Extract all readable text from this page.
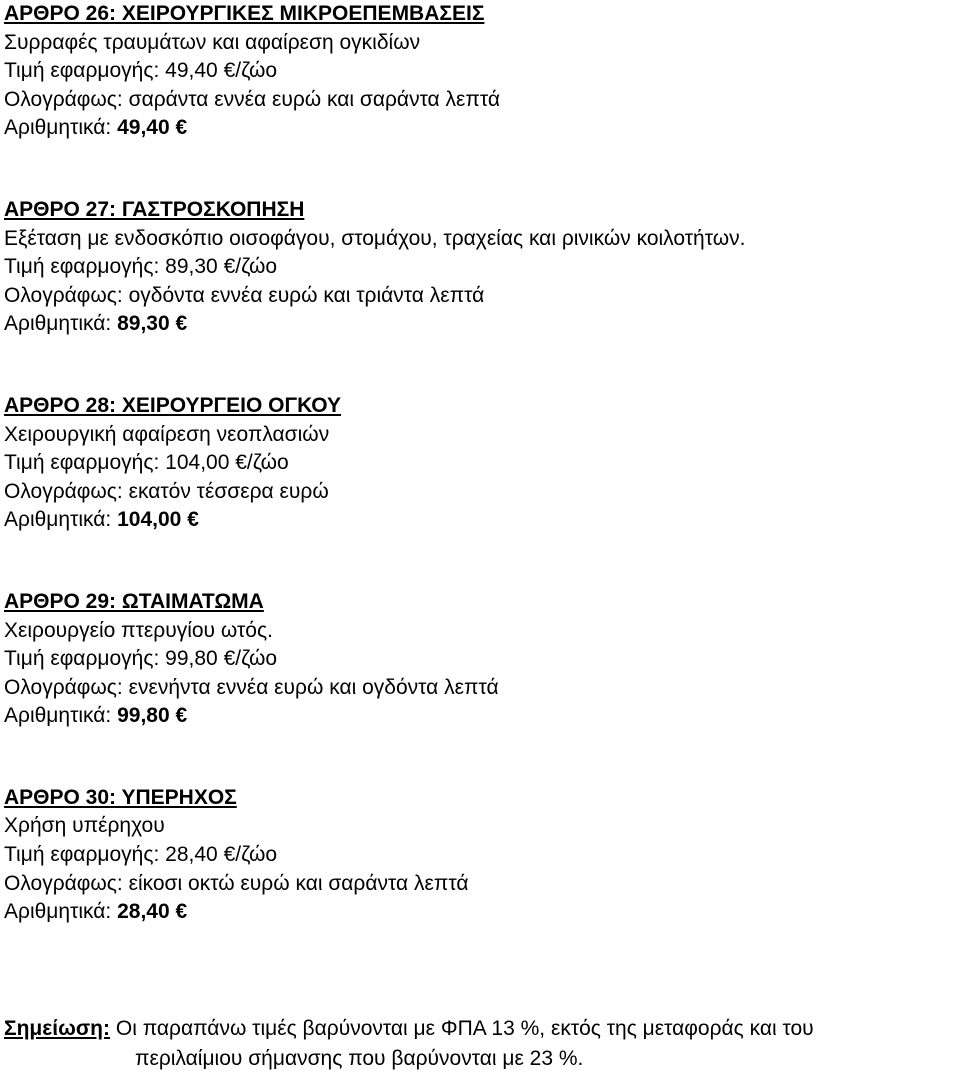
ΑΡΘΡΟ 26: ΧΕΙΡΟΥΡΓΙΚΕΣ ΜΙΚΡΟΕΠΕΜΒΑΣΕΙΣ
Συρραφές τραυμάτων και αφαίρεση ογκιδίων
Τιμή εφαρμογής: 49,40 €/ζώο
Ολογράφως: σαράντα εννέα ευρώ και σαράντα λεπτά
Αριθμητικά: 49,40 €
ΑΡΘΡΟ 27: ΓΑΣΤΡΟΣΚΟΠΗΣΗ
Εξέταση με ενδοσκόπιο οισοφάγου, στομάχου, τραχείας και ρινικών κοιλοτήτων.
Τιμή εφαρμογής: 89,30 €/ζώο
Ολογράφως: ογδόντα εννέα ευρώ και τριάντα λεπτά
Αριθμητικά: 89,30 €
ΑΡΘΡΟ 28: ΧΕΙΡΟΥΡΓΕΙΟ ΟΓΚΟΥ
Χειρουργική αφαίρεση νεοπλασιών
Τιμή εφαρμογής: 104,00 €/ζώο
Ολογράφως: εκατόν τέσσερα ευρώ
Αριθμητικά: 104,00 €
ΑΡΘΡΟ 29: ΩΤΑΙΜΑΤΩΜΑ
Χειρουργείο πτερυγίου ωτός.
Τιμή εφαρμογής: 99,80 €/ζώο
Ολογράφως: ενενήντα εννέα ευρώ και ογδόντα λεπτά
Αριθμητικά: 99,80 €
ΑΡΘΡΟ 30: ΥΠΕΡΗΧΟΣ
Χρήση υπέρηχου
Τιμή εφαρμογής: 28,40 €/ζώο
Ολογράφως: είκοσι οκτώ ευρώ και σαράντα λεπτά
Αριθμητικά: 28,40 €
Σημείωση: Οι παραπάνω τιμές βαρύνονται με ΦΠΑ 13 %, εκτός της μεταφοράς και του
περιλαίμιου σήμανσης που βαρύνονται με 23 %.
